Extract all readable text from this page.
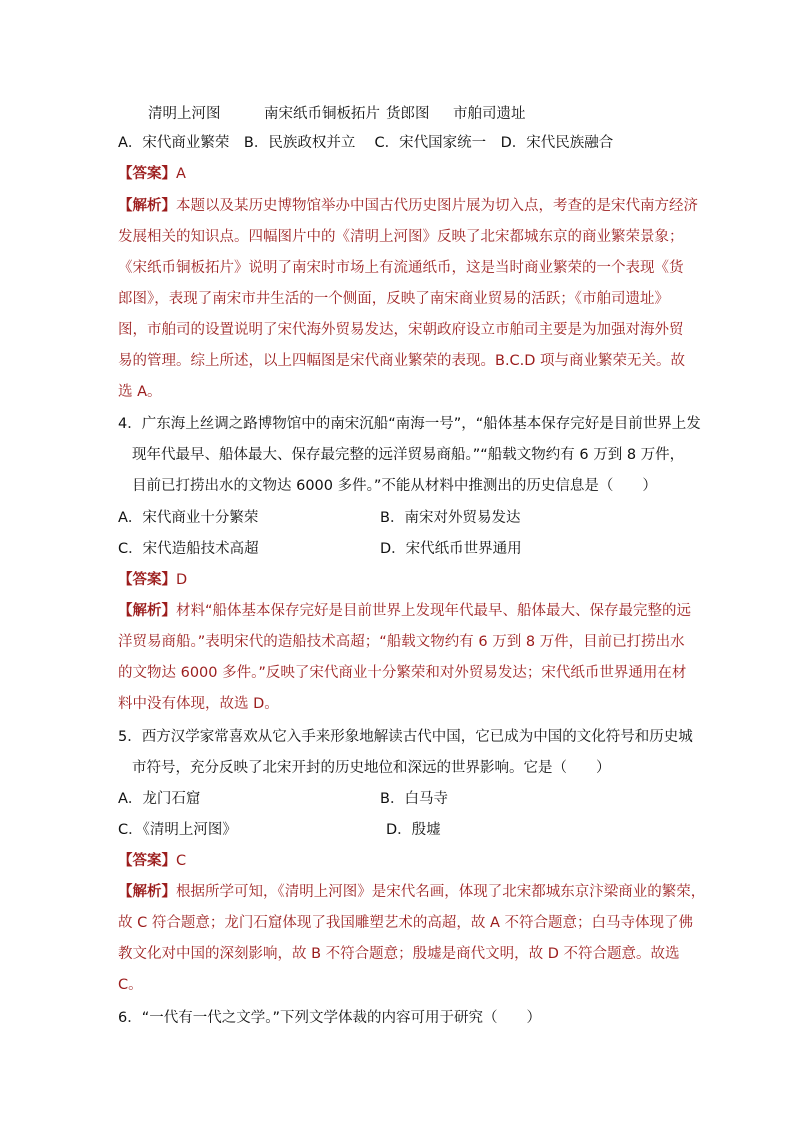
清明上河图	南宋纸币铜板拓片 货郎图 市舶司遗址
A．宋代商业繁荣　B．民族政权并立　 C．宋代国家统一　D．宋代民族融合
【答案】A
【解析】本题以及某历史博物馆举办中国古代历史图片展为切入点，考查的是宋代南方经济
发展相关的知识点。四幅图片中的《清明上河图》反映了北宋都城东京的商业繁荣景象；
《宋纸币铜板拓片》说明了南宋时市场上有流通纸币，这是当时商业繁荣的一个表现《货
郎图》，表现了南宋市井生活的一个侧面，反映了南宋商业贸易的活跃；《市舶司遗址》
图，市舶司的设置说明了宋代海外贸易发达，宋朝政府设立市舶司主要是为加强对海外贸
易的管理。综上所述，以上四幅图是宋代商业繁荣的表现。B.C.D 项与商业繁荣无关。故
选 A。
4．广东海上丝调之路博物馆中的南宋沉船“南海一号”，“船体基本保存完好是目前世界上发
现年代最早、船体最大、保存最完整的远洋贸易商船。”“船载文物约有 6 万到 8 万件，
目前已打捞出水的文物达 6000 多件。”不能从材料中推测出的历史信息是（　　）
A．宋代商业十分繁荣	B．南宋对外贸易发达
C．宋代造船技术高超	D．宋代纸币世界通用
【答案】D
【解析】材料“船体基本保存完好是目前世界上发现年代最早、船体最大、保存最完整的远
洋贸易商船。”表明宋代的造船技术高超；“船载文物约有 6 万到 8 万件，目前已打捞出水
的文物达 6000 多件。”反映了宋代商业十分繁荣和对外贸易发达；宋代纸币世界通用在材
料中没有体现，故选 D。
5．西方汉学家常喜欢从它入手来形象地解读古代中国，它已成为中国的文化符号和历史城
市符号，充分反映了北宋开封的历史地位和深远的世界影响。它是（　　）
A．龙门石窟	B．白马寺
C．《清明上河图》	D．殷墟
【答案】C
【解析】根据所学可知，《清明上河图》是宋代名画，体现了北宋都城东京汴梁商业的繁荣，
故 C 符合题意；龙门石窟体现了我国雕塑艺术的高超，故 A 不符合题意；白马寺体现了佛
教文化对中国的深刻影响，故 B 不符合题意；殷墟是商代文明，故 D 不符合题意。故选
C。
6．“一代有一代之文学。”下列文学体裁的内容可用于研究（　　）
